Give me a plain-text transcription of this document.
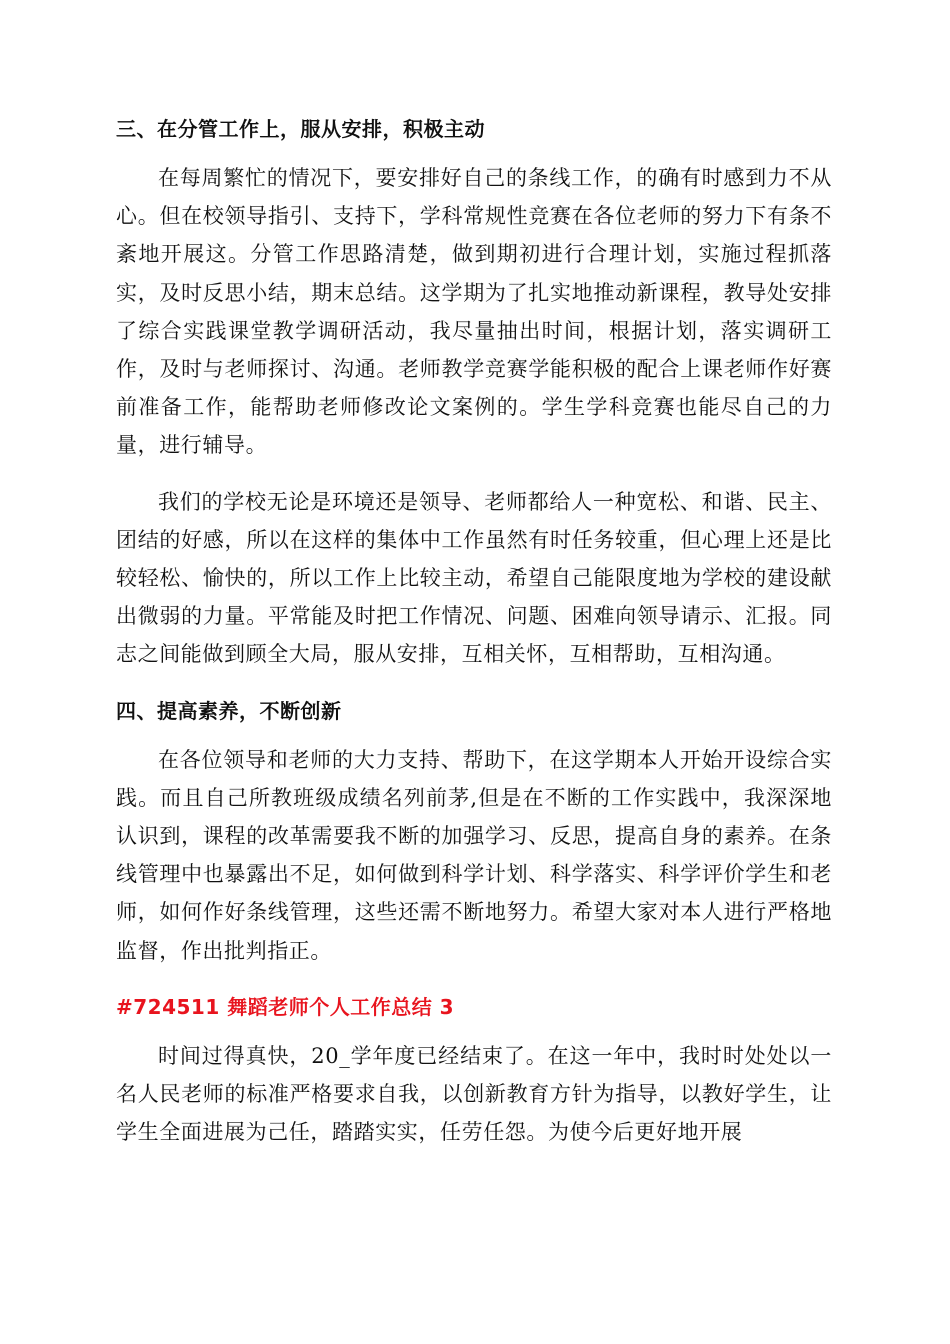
三、在分管工作上，服从安排，积极主动

在每周繁忙的情况下，要安排好自己的条线工作，的确有时感到力不从心。但在校领导指引、支持下，学科常规性竞赛在各位老师的努力下有条不紊地开展这。分管工作思路清楚，做到期初进行合理计划，实施过程抓落实，及时反思小结，期末总结。这学期为了扎实地推动新课程，教导处安排了综合实践课堂教学调研活动，我尽量抽出时间，根据计划，落实调研工作，及时与老师探讨、沟通。老师教学竞赛学能积极的配合上课老师作好赛前准备工作，能帮助老师修改论文案例的。学生学科竞赛也能尽自己的力量，进行辅导。

我们的学校无论是环境还是领导、老师都给人一种宽松、和谐、民主、团结的好感，所以在这样的集体中工作虽然有时任务较重，但心理上还是比较轻松、愉快的，所以工作上比较主动，希望自己能限度地为学校的建设献出微弱的力量。平常能及时把工作情况、问题、困难向领导请示、汇报。同志之间能做到顾全大局，服从安排，互相关怀，互相帮助，互相沟通。

四、提高素养，不断创新

在各位领导和老师的大力支持、帮助下，在这学期本人开始开设综合实践。而且自己所教班级成绩名列前茅,但是在不断的工作实践中，我深深地认识到，课程的改革需要我不断的加强学习、反思，提高自身的素养。在条线管理中也暴露出不足，如何做到科学计划、科学落实、科学评价学生和老师，如何作好条线管理，这些还需不断地努力。希望大家对本人进行严格地监督，作出批判指正。

#724511 舞蹈老师个人工作总结 3

时间过得真快，20_学年度已经结束了。在这一年中，我时时处处以一名人民老师的标准严格要求自我，以创新教育方针为指导，以教好学生，让学生全面进展为己任，踏踏实实，任劳任怨。为使今后更好地开展
